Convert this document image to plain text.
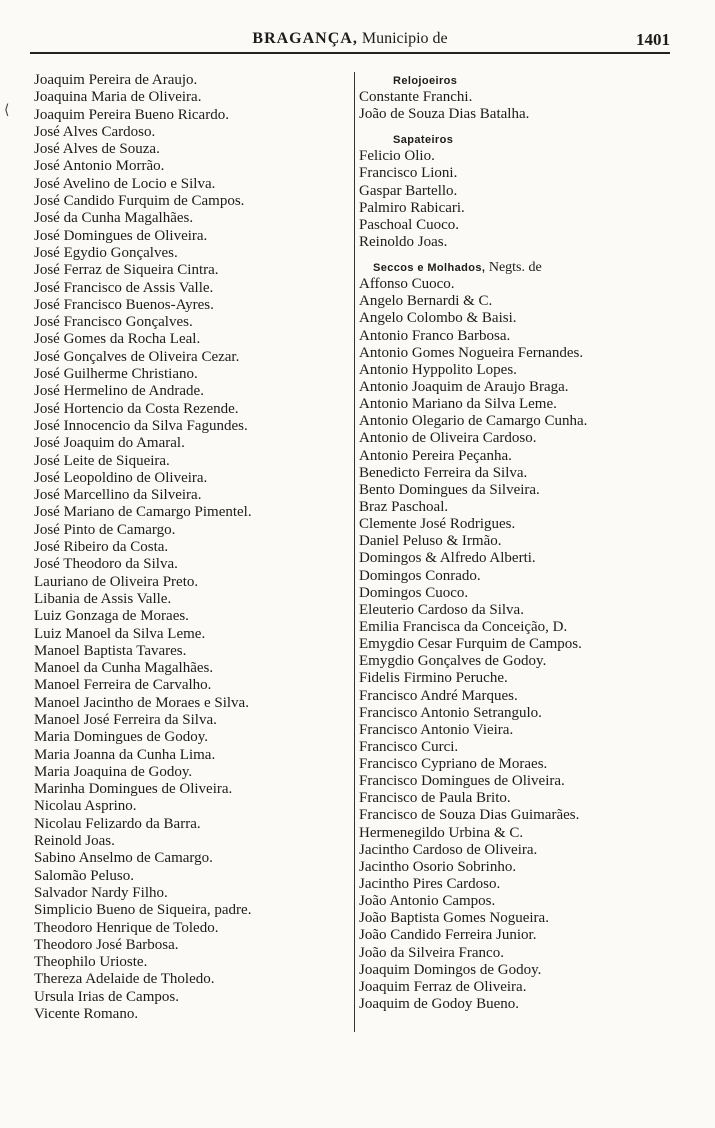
BRAGANÇA, Municipio de	1401
⟨
Joaquim Pereira de Araujo.
Joaquina Maria de Oliveira.
Joaquim Pereira Bueno Ricardo.
José Alves Cardoso.
José Alves de Souza.
José Antonio Morrão.
José Avelino de Locio e Silva.
José Candido Furquim de Campos.
José da Cunha Magalhães.
José Domingues de Oliveira.
José Egydio Gonçalves.
José Ferraz de Siqueira Cintra.
José Francisco de Assis Valle.
José Francisco Buenos-Ayres.
José Francisco Gonçalves.
José Gomes da Rocha Leal.
José Gonçalves de Oliveira Cezar.
José Guilherme Christiano.
José Hermelino de Andrade.
José Hortencio da Costa Rezende.
José Innocencio da Silva Fagundes.
José Joaquim do Amaral.
José Leite de Siqueira.
José Leopoldino de Oliveira.
José Marcellino da Silveira.
José Mariano de Camargo Pimentel.
José Pinto de Camargo.
José Ribeiro da Costa.
José Theodoro da Silva.
Lauriano de Oliveira Preto.
Libania de Assis Valle.
Luiz Gonzaga de Moraes.
Luiz Manoel da Silva Leme.
Manoel Baptista Tavares.
Manoel da Cunha Magalhães.
Manoel Ferreira de Carvalho.
Manoel Jacintho de Moraes e Silva.
Manoel José Ferreira da Silva.
Maria Domingues de Godoy.
Maria Joanna da Cunha Lima.
Maria Joaquina de Godoy.
Marinha Domingues de Oliveira.
Nicolau Asprino.
Nicolau Felizardo da Barra.
Reinold Joas.
Sabino Anselmo de Camargo.
Salomão Peluso.
Salvador Nardy Filho.
Simplicio Bueno de Siqueira, padre.
Theodoro Henrique de Toledo.
Theodoro José Barbosa.
Theophilo Urioste.
Thereza Adelaide de Tholedo.
Ursula Irias de Campos.
Vicente Romano.
Relojoeiros
Constante Franchi.
João de Souza Dias Batalha.
Sapateiros
Felicio Olio.
Francisco Lioni.
Gaspar Bartello.
Palmiro Rabicari.
Paschoal Cuoco.
Reinoldo Joas.
Seccos e Molhados, Negts. de
Affonso Cuoco.
Angelo Bernardi & C.
Angelo Colombo & Baisi.
Antonio Franco Barbosa.
Antonio Gomes Nogueira Fernandes.
Antonio Hyppolito Lopes.
Antonio Joaquim de Araujo Braga.
Antonio Mariano da Silva Leme.
Antonio Olegario de Camargo Cunha.
Antonio de Oliveira Cardoso.
Antonio Pereira Peçanha.
Benedicto Ferreira da Silva.
Bento Domingues da Silveira.
Braz Paschoal.
Clemente José Rodrigues.
Daniel Peluso & Irmão.
Domingos & Alfredo Alberti.
Domingos Conrado.
Domingos Cuoco.
Eleuterio Cardoso da Silva.
Emilia Francisca da Conceição, D.
Emygdio Cesar Furquim de Campos.
Emygdio Gonçalves de Godoy.
Fidelis Firmino Peruche.
Francisco André Marques.
Francisco Antonio Setrangulo.
Francisco Antonio Vieira.
Francisco Curci.
Francisco Cypriano de Moraes.
Francisco Domingues de Oliveira.
Francisco de Paula Brito.
Francisco de Souza Dias Guimarães.
Hermenegildo Urbina & C.
Jacintho Cardoso de Oliveira.
Jacintho Osorio Sobrinho.
Jacintho Pires Cardoso.
João Antonio Campos.
João Baptista Gomes Nogueira.
João Candido Ferreira Junior.
João da Silveira Franco.
Joaquim Domingos de Godoy.
Joaquim Ferraz de Oliveira.
Joaquim de Godoy Bueno.
